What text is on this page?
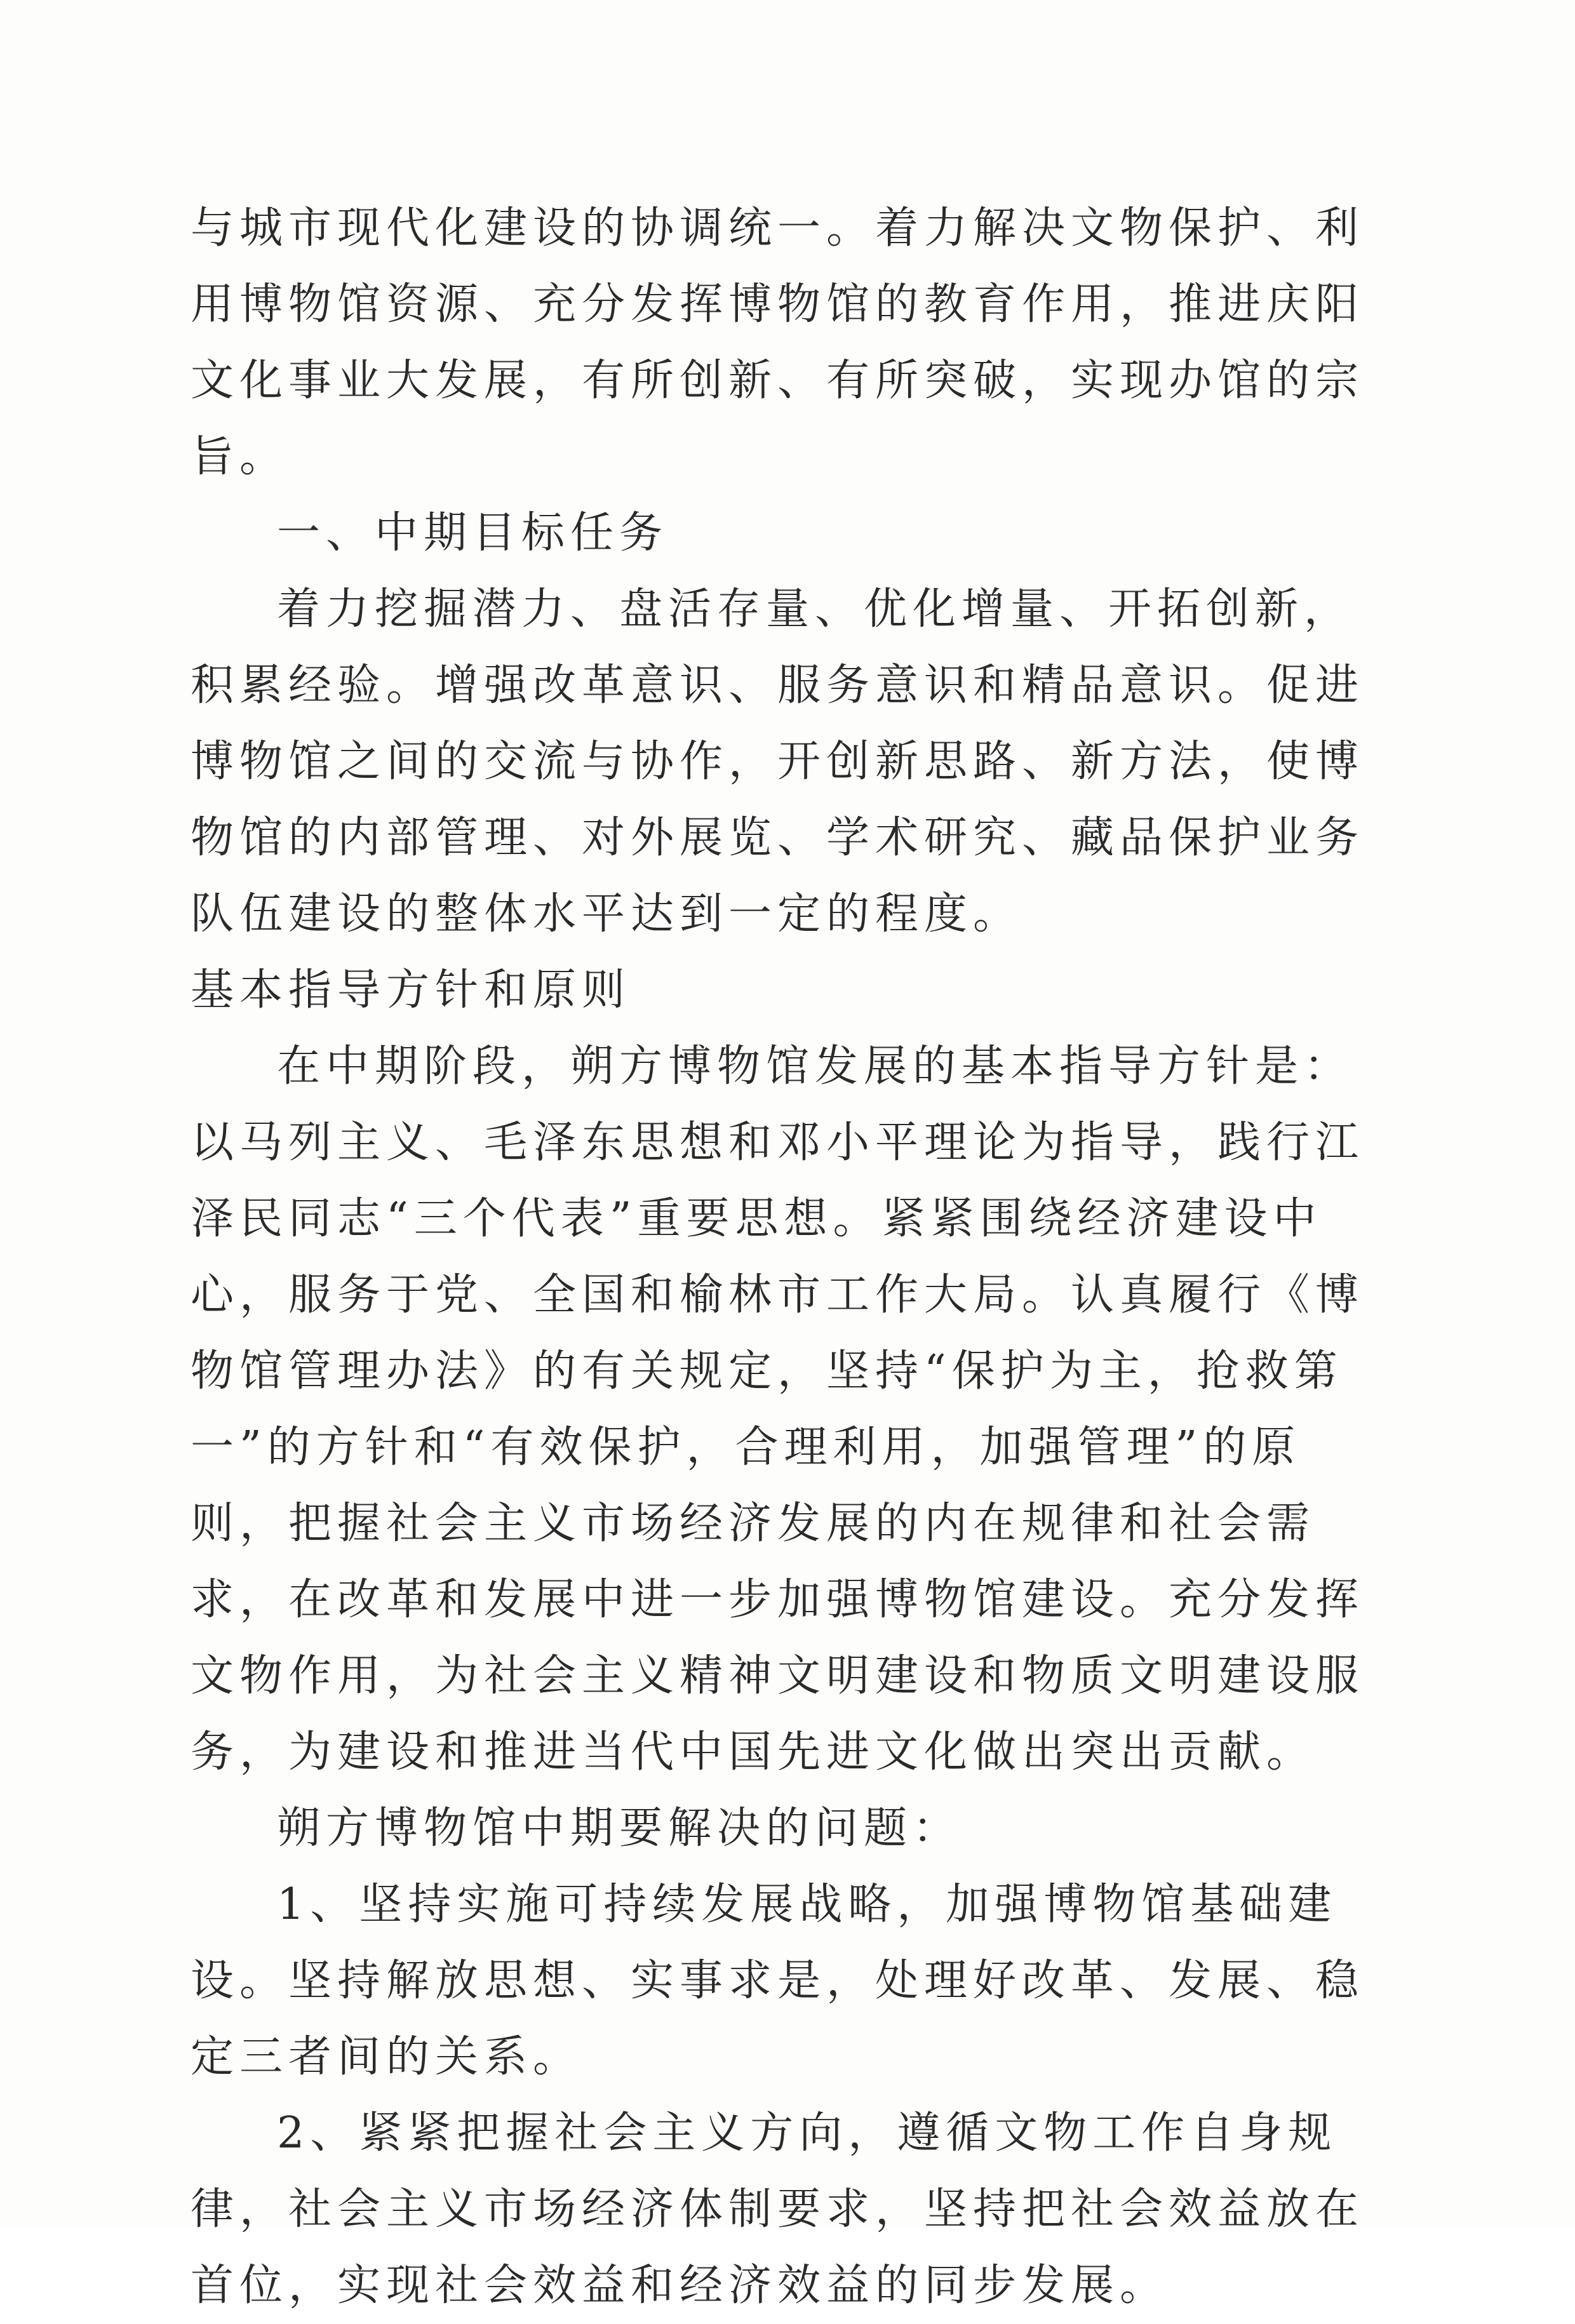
与城市现代化建设的协调统一。着力解决文物保护、利用博物馆资源、充分发挥博物馆的教育作用，推进庆阳文化事业大发展，有所创新、有所突破，实现办馆的宗旨。

一、中期目标任务

着力挖掘潜力、盘活存量、优化增量、开拓创新，积累经验。增强改革意识、服务意识和精品意识。促进博物馆之间的交流与协作，开创新思路、新方法，使博物馆的内部管理、对外展览、学术研究、藏品保护业务队伍建设的整体水平达到一定的程度。

基本指导方针和原则

在中期阶段，朔方博物馆发展的基本指导方针是：以马列主义、毛泽东思想和邓小平理论为指导，践行江泽民同志“三个代表”重要思想。紧紧围绕经济建设中心，服务于党、全国和榆林市工作大局。认真履行《博物馆管理办法》的有关规定，坚持“保护为主，抢救第一”的方针和“有效保护，合理利用，加强管理”的原则，把握社会主义市场经济发展的内在规律和社会需求，在改革和发展中进一步加强博物馆建设。充分发挥文物作用，为社会主义精神文明建设和物质文明建设服务，为建设和推进当代中国先进文化做出突出贡献。

朔方博物馆中期要解决的问题：

1、坚持实施可持续发展战略，加强博物馆基础建设。坚持解放思想、实事求是，处理好改革、发展、稳定三者间的关系。

2、紧紧把握社会主义方向，遵循文物工作自身规律，社会主义市场经济体制要求，坚持把社会效益放在首位，实现社会效益和经济效益的同步发展。
